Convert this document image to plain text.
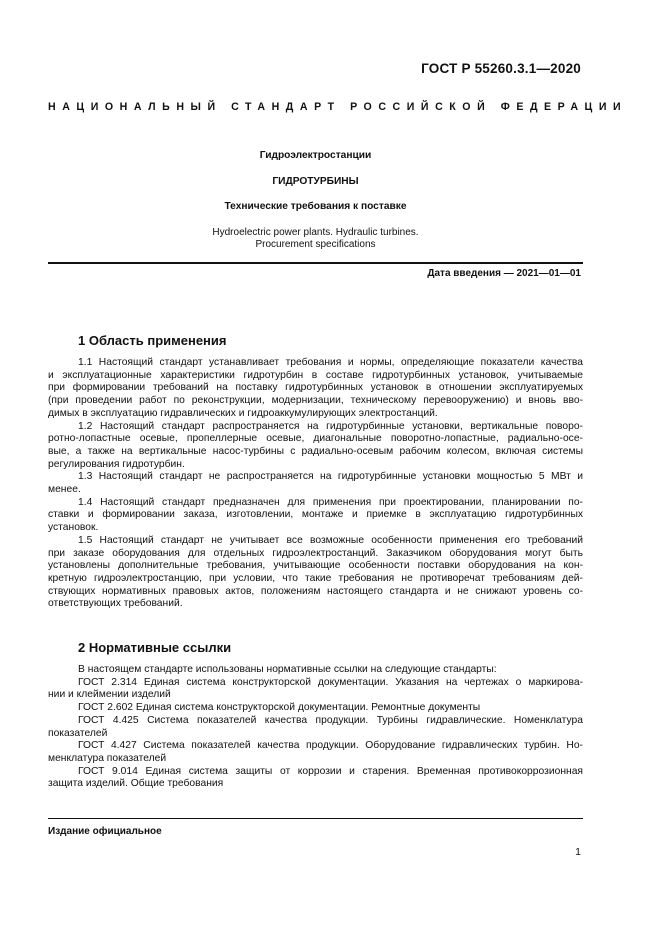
ГОСТ Р 55260.3.1—2020
НАЦИОНАЛЬНЫЙ СТАНДАРТ РОССИЙСКОЙ ФЕДЕРАЦИИ
Гидроэлектростанции
ГИДРОТУРБИНЫ
Технические требования к поставке
Hydroelectric power plants. Hydraulic turbines.
Procurement specifications
Дата введения — 2021—01—01
1 Область применения
1.1 Настоящий стандарт устанавливает требования и нормы, определяющие показатели качества
и эксплуатационные характеристики гидротурбин в составе гидротурбинных установок, учитываемые
при формировании требований на поставку гидротурбинных установок в отношении эксплуатируемых
(при проведении работ по реконструкции, модернизации, техническому перевооружению) и вновь вво-
димых в эксплуатацию гидравлических и гидроаккумулирующих электростанций.
1.2 Настоящий стандарт распространяется на гидротурбинные установки, вертикальные поворо-
ротно-лопастные осевые, пропеллерные осевые, диагональные поворотно-лопастные, радиально-осе-
вые, а также на вертикальные насос-турбины с радиально-осевым рабочим колесом, включая системы
регулирования гидротурбин.
1.3 Настоящий стандарт не распространяется на гидротурбинные установки мощностью 5 МВт и
менее.
1.4 Настоящий стандарт предназначен для применения при проектировании, планировании по-
ставки и формировании заказа, изготовлении, монтаже и приемке в эксплуатацию гидротурбинных
установок.
1.5 Настоящий стандарт не учитывает все возможные особенности применения его требований
при заказе оборудования для отдельных гидроэлектростанций. Заказчиком оборудования могут быть
установлены дополнительные требования, учитывающие особенности поставки оборудования на кон-
кретную гидроэлектростанцию, при условии, что такие требования не противоречат требованиям дей-
ствующих нормативных правовых актов, положениям настоящего стандарта и не снижают уровень со-
ответствующих требований.
2 Нормативные ссылки
В настоящем стандарте использованы нормативные ссылки на следующие стандарты:
ГОСТ 2.314 Единая система конструкторской документации. Указания на чертежах о маркирова-
нии и клеймении изделий
ГОСТ 2.602 Единая система конструкторской документации. Ремонтные документы
ГОСТ 4.425 Система показателей качества продукции. Турбины гидравлические. Номенклатура
показателей
ГОСТ 4.427 Система показателей качества продукции. Оборудование гидравлических турбин. Но-
менклатура показателей
ГОСТ 9.014 Единая система защиты от коррозии и старения. Временная противокоррозионная
защита изделий. Общие требования
Издание официальное
1
